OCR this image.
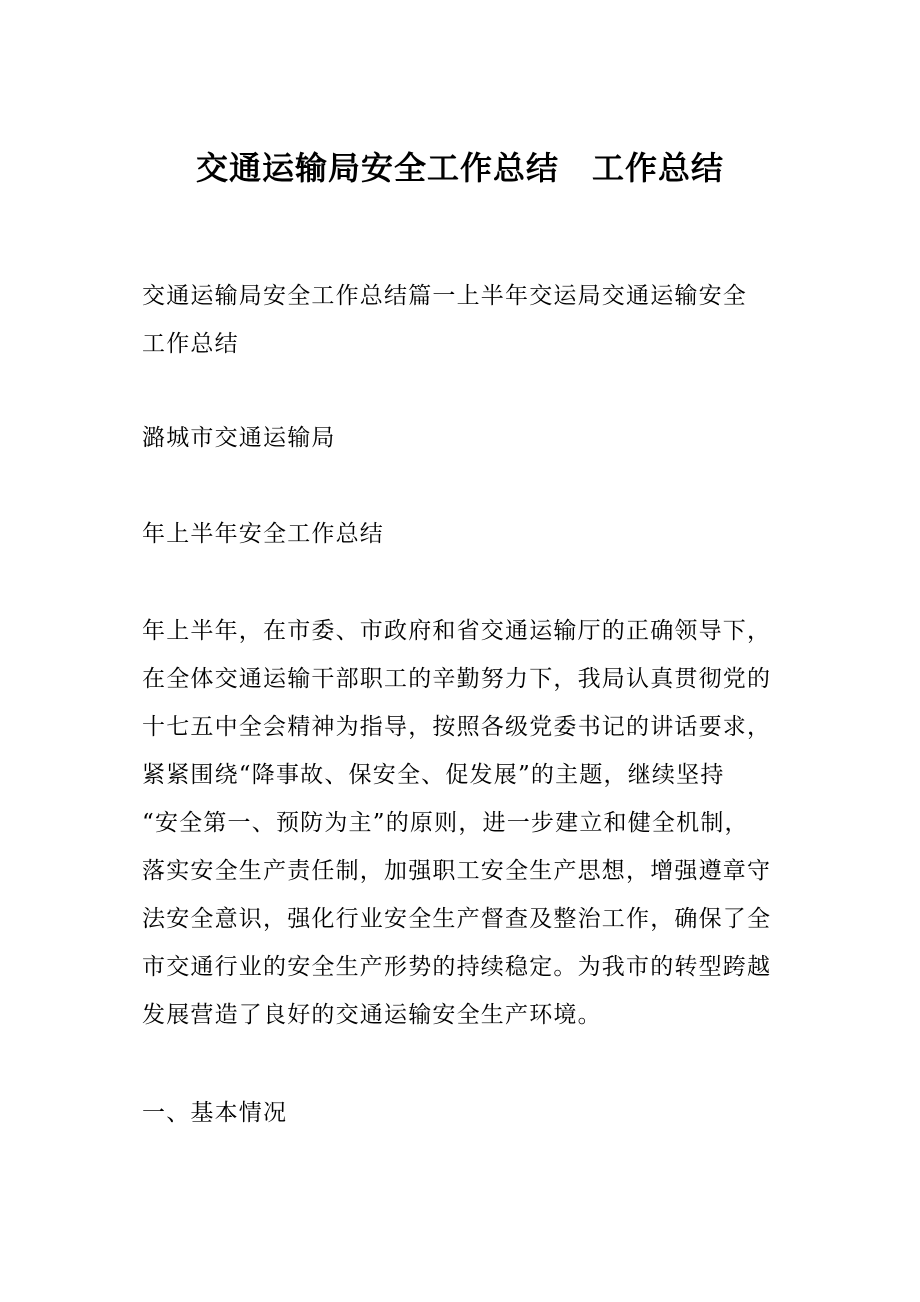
交通运输局安全工作总结　工作总结
交通运输局安全工作总结篇一上半年交运局交通运输安全
工作总结
潞城市交通运输局
年上半年安全工作总结
年上半年，在市委、市政府和省交通运输厅的正确领导下，
在全体交通运输干部职工的辛勤努力下，我局认真贯彻党的
十七五中全会精神为指导，按照各级党委书记的讲话要求，
紧紧围绕“降事故、保安全、促发展”的主题，继续坚持
“安全第一、预防为主”的原则，进一步建立和健全机制，
落实安全生产责任制，加强职工安全生产思想，增强遵章守
法安全意识，强化行业安全生产督查及整治工作，确保了全
市交通行业的安全生产形势的持续稳定。为我市的转型跨越
发展营造了良好的交通运输安全生产环境。
一、基本情况
